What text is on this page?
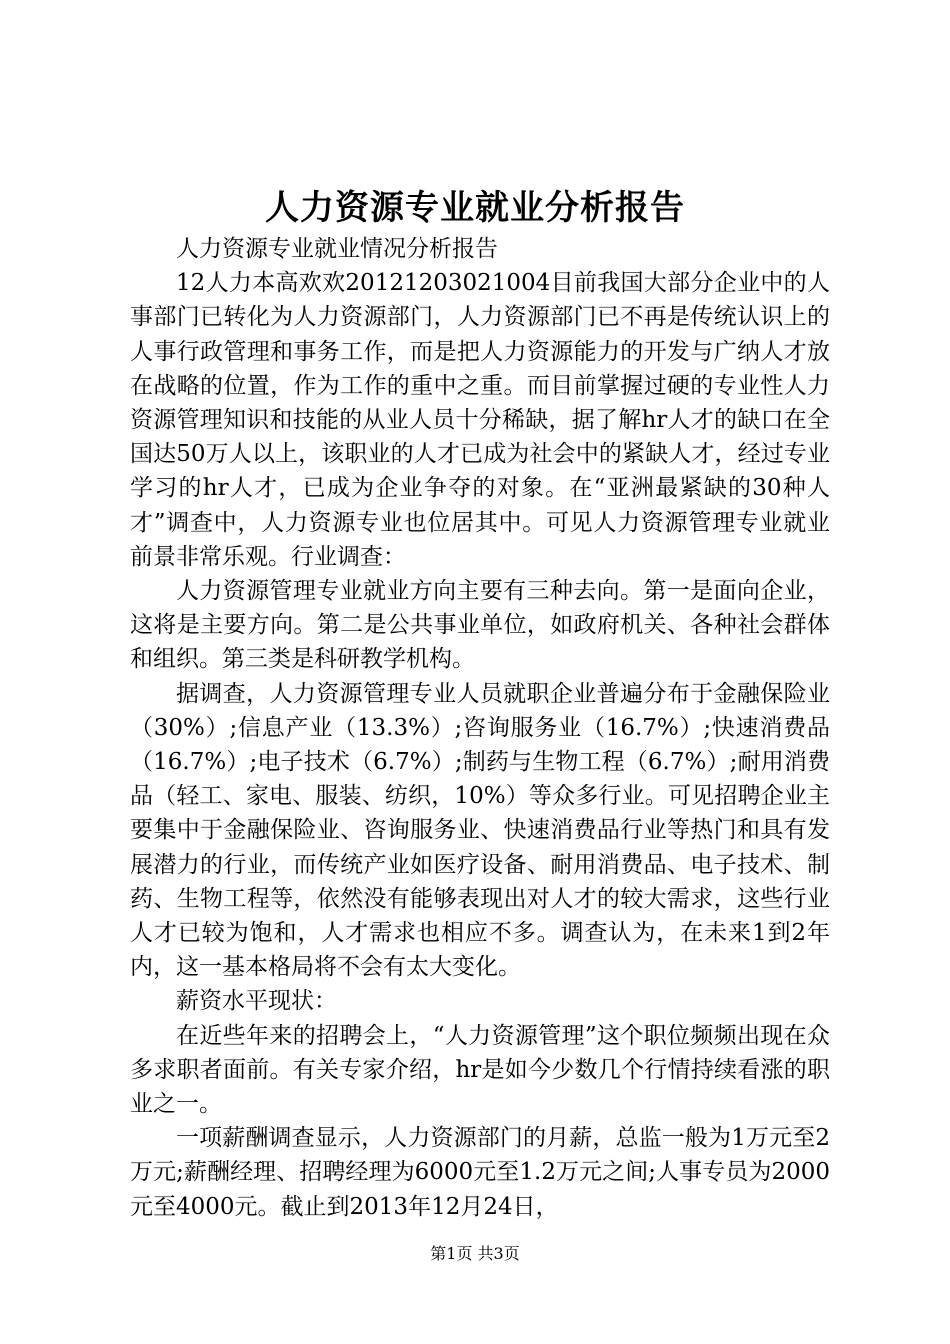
人力资源专业就业分析报告

人力资源专业就业情况分析报告

12人力本高欢欢20121203021004目前我国大部分企业中的人事部门已转化为人力资源部门，人力资源部门已不再是传统认识上的人事行政管理和事务工作，而是把人力资源能力的开发与广纳人才放在战略的位置，作为工作的重中之重。而目前掌握过硬的专业性人力资源管理知识和技能的从业人员十分稀缺，据了解hr人才的缺口在全国达50万人以上，该职业的人才已成为社会中的紧缺人才，经过专业学习的hr人才，已成为企业争夺的对象。在“亚洲最紧缺的30种人才”调查中，人力资源专业也位居其中。可见人力资源管理专业就业前景非常乐观。行业调查：

人力资源管理专业就业方向主要有三种去向。第一是面向企业，这将是主要方向。第二是公共事业单位，如政府机关、各种社会群体和组织。第三类是科研教学机构。

据调查，人力资源管理专业人员就职企业普遍分布于金融保险业（30%）;信息产业（13.3%）;咨询服务业（16.7%）;快速消费品（16.7%）;电子技术（6.7%）;制药与生物工程（6.7%）;耐用消费品（轻工、家电、服装、纺织，10%）等众多行业。可见招聘企业主要集中于金融保险业、咨询服务业、快速消费品行业等热门和具有发展潜力的行业，而传统产业如医疗设备、耐用消费品、电子技术、制药、生物工程等，依然没有能够表现出对人才的较大需求，这些行业人才已较为饱和，人才需求也相应不多。调查认为，在未来1到2年内，这一基本格局将不会有太大变化。

薪资水平现状：

在近些年来的招聘会上，“人力资源管理”这个职位频频出现在众多求职者面前。有关专家介绍，hr是如今少数几个行情持续看涨的职业之一。

一项薪酬调查显示，人力资源部门的月薪，总监一般为1万元至2万元;薪酬经理、招聘经理为6000元至1.2万元之间;人事专员为2000元至4000元。截止到2013年12月24日，

第1页 共3页
